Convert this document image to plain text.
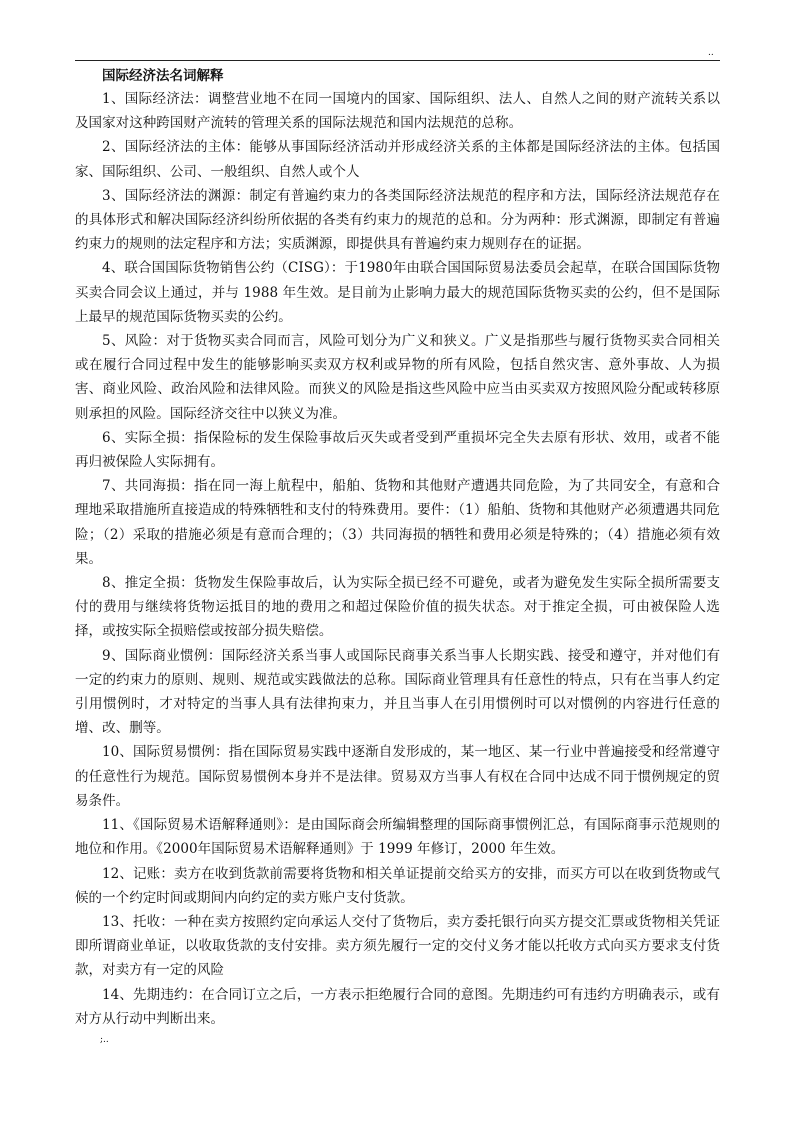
..

国际经济法名词解释

1、国际经济法：调整营业地不在同一国境内的国家、国际组织、法人、自然人之间的财产流转关系以及国家对这种跨国财产流转的管理关系的国际法规范和国内法规范的总称。

2、国际经济法的主体：能够从事国际经济活动并形成经济关系的主体都是国际经济法的主体。包括国家、国际组织、公司、一般组织、自然人或个人

3、国际经济法的渊源：制定有普遍约束力的各类国际经济法规范的程序和方法，国际经济法规范存在的具体形式和解决国际经济纠纷所依据的各类有约束力的规范的总和。分为两种：形式渊源，即制定有普遍约束力的规则的法定程序和方法；实质渊源，即提供具有普遍约束力规则存在的证据。

4、联合国国际货物销售公约（CISG）：于1980年由联合国国际贸易法委员会起草，在联合国国际货物买卖合同会议上通过，并与 1988 年生效。是目前为止影响力最大的规范国际货物买卖的公约，但不是国际上最早的规范国际货物买卖的公约。

5、风险：对于货物买卖合同而言，风险可划分为广义和狭义。广义是指那些与履行货物买卖合同相关或在履行合同过程中发生的能够影响买卖双方权利或异物的所有风险，包括自然灾害、意外事故、人为损害、商业风险、政治风险和法律风险。而狭义的风险是指这些风险中应当由买卖双方按照风险分配或转移原则承担的风险。国际经济交往中以狭义为准。

6、实际全损：指保险标的发生保险事故后灭失或者受到严重损坏完全失去原有形状、效用，或者不能再归被保险人实际拥有。

7、共同海损：指在同一海上航程中，船舶、货物和其他财产遭遇共同危险，为了共同安全，有意和合理地采取措施所直接造成的特殊牺牲和支付的特殊费用。要件：（1）船舶、货物和其他财产必须遭遇共同危险；（2）采取的措施必须是有意而合理的；（3）共同海损的牺牲和费用必须是特殊的；（4）措施必须有效果。

8、推定全损：货物发生保险事故后，认为实际全损已经不可避免，或者为避免发生实际全损所需要支付的费用与继续将货物运抵目的地的费用之和超过保险价值的损失状态。对于推定全损，可由被保险人选择，或按实际全损赔偿或按部分损失赔偿。

9、国际商业惯例：国际经济关系当事人或国际民商事关系当事人长期实践、接受和遵守，并对他们有一定的约束力的原则、规则、规范或实践做法的总称。国际商业管理具有任意性的特点，只有在当事人约定引用惯例时，才对特定的当事人具有法律拘束力，并且当事人在引用惯例时可以对惯例的内容进行任意的增、改、删等。

10、国际贸易惯例：指在国际贸易实践中逐渐自发形成的，某一地区、某一行业中普遍接受和经常遵守的任意性行为规范。国际贸易惯例本身并不是法律。贸易双方当事人有权在合同中达成不同于惯例规定的贸易条件。

11、《国际贸易术语解释通则》：是由国际商会所编辑整理的国际商事惯例汇总，有国际商事示范规则的地位和作用。《2000年国际贸易术语解释通则》于 1999 年修订，2000 年生效。

12、记账：卖方在收到货款前需要将货物和相关单证提前交给买方的安排，而买方可以在收到货物或气候的一个约定时间或期间内向约定的卖方账户支付货款。

13、托收：一种在卖方按照约定向承运人交付了货物后，卖方委托银行向买方提交汇票或货物相关凭证即所谓商业单证，以收取货款的支付安排。卖方须先履行一定的交付义务才能以托收方式向买方要求支付货款，对卖方有一定的风险

14、先期违约：在合同订立之后，一方表示拒绝履行合同的意图。先期违约可有违约方明确表示，或有对方从行动中判断出来。

;..
